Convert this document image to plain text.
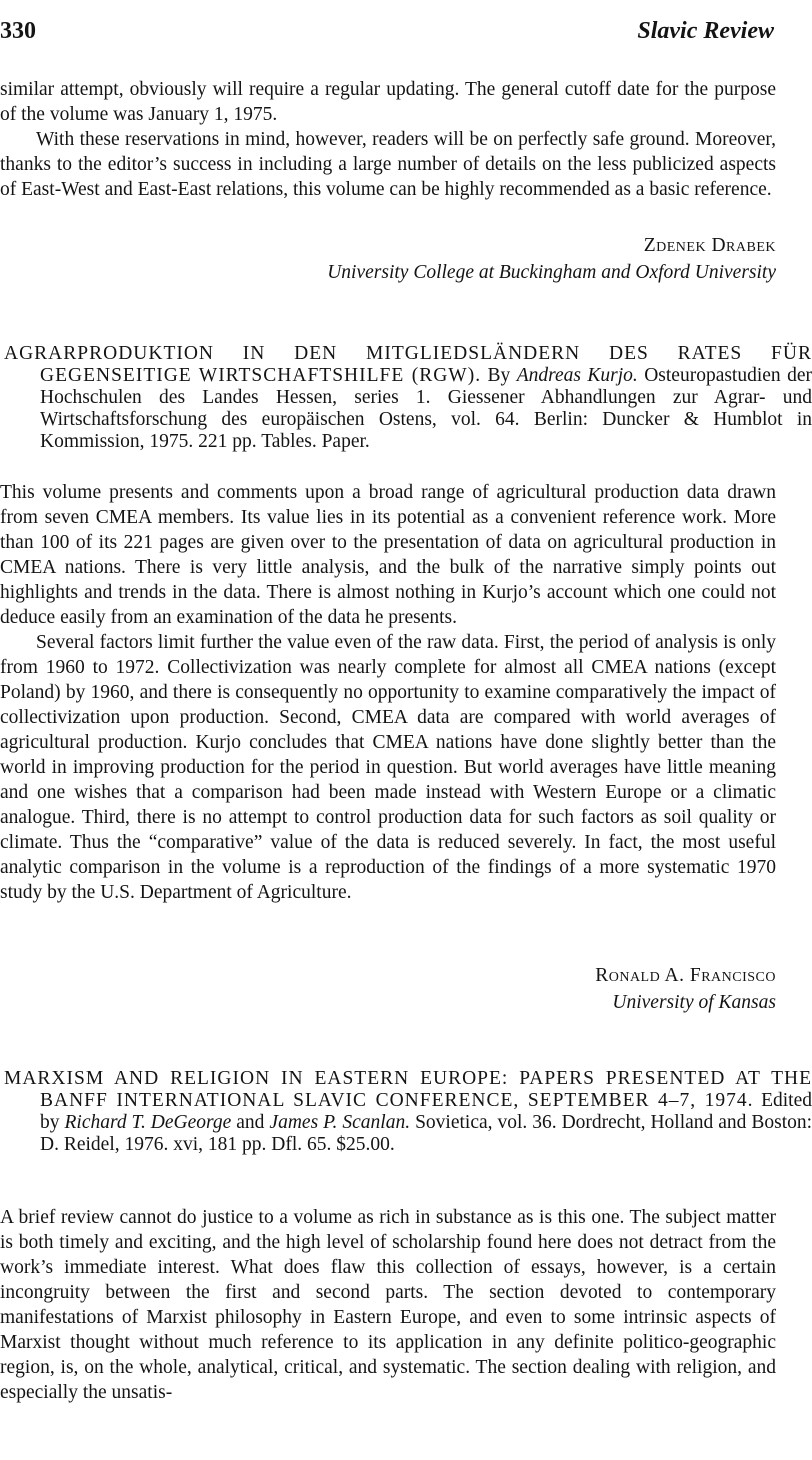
330	Slavic Review

similar attempt, obviously will require a regular updating. The general cutoff date for the purpose of the volume was January 1, 1975.

With these reservations in mind, however, readers will be on perfectly safe ground. Moreover, thanks to the editor’s success in including a large number of details on the less publicized aspects of East-West and East-East relations, this volume can be highly recommended as a basic reference.

Zdenek Drabek
University College at Buckingham and Oxford University
AGRARPRODUKTION IN DEN MITGLIEDSLÄNDERN DES RATES FÜR GEGENSEITIGE WIRTSCHAFTSHILFE (RGW). By Andreas Kurjo. Osteuropastudien der Hochschulen des Landes Hessen, series 1. Giessener Abhandlungen zur Agrar- und Wirtschaftsforschung des europäischen Ostens, vol. 64. Berlin: Duncker & Humblot in Kommission, 1975. 221 pp. Tables. Paper.

This volume presents and comments upon a broad range of agricultural production data drawn from seven CMEA members. Its value lies in its potential as a convenient reference work. More than 100 of its 221 pages are given over to the presentation of data on agricultural production in CMEA nations. There is very little analysis, and the bulk of the narrative simply points out highlights and trends in the data. There is almost nothing in Kurjo’s account which one could not deduce easily from an examination of the data he presents.

Several factors limit further the value even of the raw data. First, the period of analysis is only from 1960 to 1972. Collectivization was nearly complete for almost all CMEA nations (except Poland) by 1960, and there is consequently no opportunity to examine comparatively the impact of collectivization upon production. Second, CMEA data are compared with world averages of agricultural production. Kurjo concludes that CMEA nations have done slightly better than the world in improving production for the period in question. But world averages have little meaning and one wishes that a comparison had been made instead with Western Europe or a climatic analogue. Third, there is no attempt to control production data for such factors as soil quality or climate. Thus the “comparative” value of the data is reduced severely. In fact, the most useful analytic comparison in the volume is a reproduction of the findings of a more systematic 1970 study by the U.S. Department of Agriculture.

Ronald A. Francisco
University of Kansas
MARXISM AND RELIGION IN EASTERN EUROPE: PAPERS PRESENTED AT THE BANFF INTERNATIONAL SLAVIC CONFERENCE, SEPTEMBER 4–7, 1974. Edited by Richard T. DeGeorge and James P. Scanlan. Sovietica, vol. 36. Dordrecht, Holland and Boston: D. Reidel, 1976. xvi, 181 pp. Dfl. 65. $25.00.

A brief review cannot do justice to a volume as rich in substance as is this one. The subject matter is both timely and exciting, and the high level of scholarship found here does not detract from the work’s immediate interest. What does flaw this collection of essays, however, is a certain incongruity between the first and second parts. The section devoted to contemporary manifestations of Marxist philosophy in Eastern Europe, and even to some intrinsic aspects of Marxist thought without much reference to its application in any definite politico-geographic region, is, on the whole, analytical, critical, and systematic. The section dealing with religion, and especially the unsatis-
